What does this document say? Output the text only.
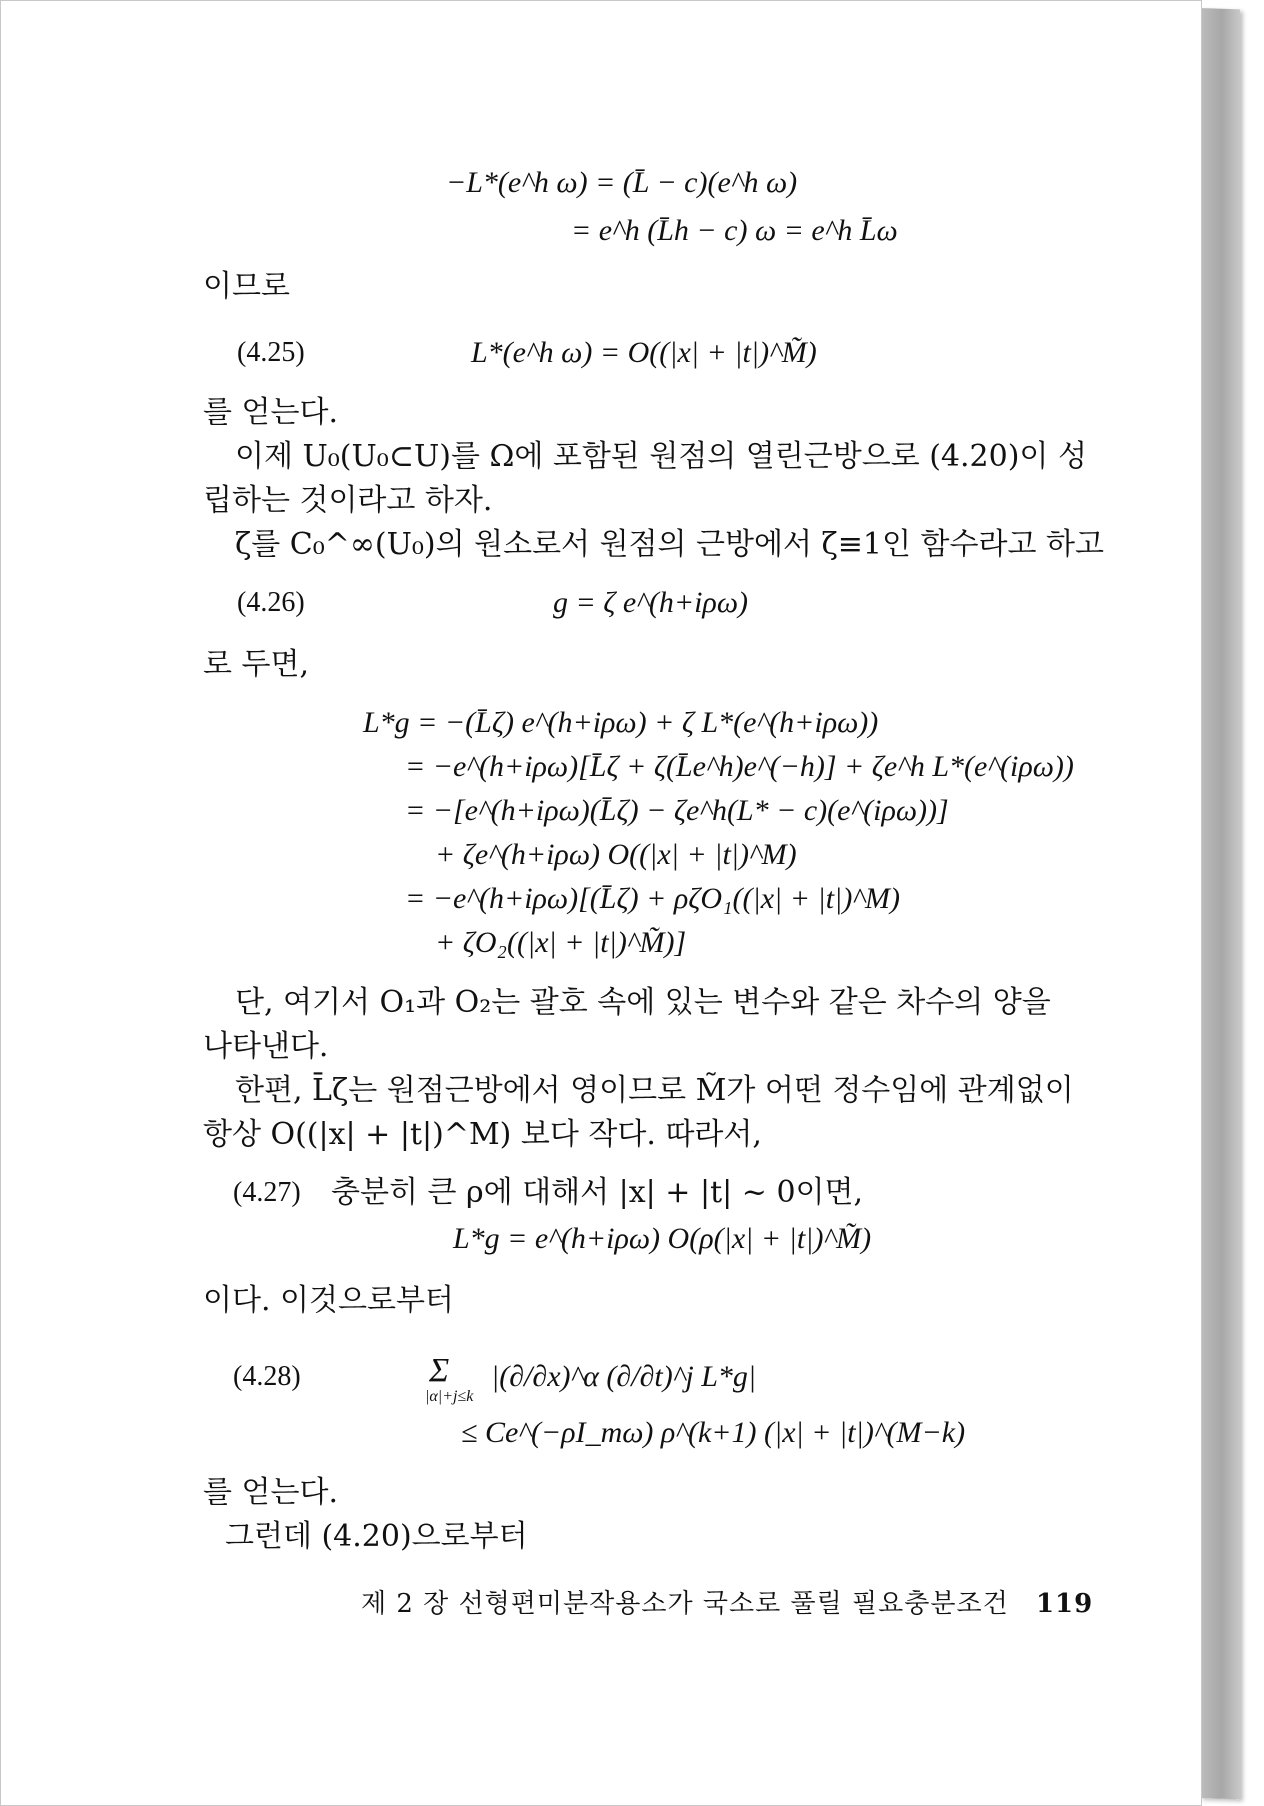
−L*(e^h ω) = (L̄ − c)(e^h ω)
= e^h (L̄h − c) ω = e^h L̄ω
이므로
(4.25)	L*(e^h ω) = O((|x| + |t|)^M̃)
를 얻는다.
이제 U₀(U₀⊂U)를 Ω에 포함된 원점의 열린근방으로 (4.20)이 성
립하는 것이라고 하자.
ζ를 C₀^∞(U₀)의 원소로서 원점의 근방에서 ζ≡1인 함수라고 하고
(4.26)	g = ζ e^(h+iρω)
로 두면,
L*g = −(L̄ζ) e^(h+iρω) + ζ L*(e^(h+iρω))
= −e^(h+iρω)[L̄ζ + ζ(L̄e^h)e^(−h)] + ζe^h L*(e^(iρω))
= −[e^(h+iρω)(L̄ζ) − ζe^h(L* − c)(e^(iρω))]
+ ζe^(h+iρω) O((|x| + |t|)^M)
= −e^(h+iρω)[(L̄ζ) + ρζO₁((|x| + |t|)^M)
+ ζO₂((|x| + |t|)^M̃)]
단, 여기서 O₁과 O₂는 괄호 속에 있는 변수와 같은 차수의 양을
나타낸다.
한편, L̄ζ는 원점근방에서 영이므로 M̃가 어떤 정수임에 관계없이
항상 O((|x| + |t|)^M) 보다 작다. 따라서,
(4.27) 충분히 큰 ρ에 대해서 |x| + |t| ~ 0이면,
L*g = e^(h+iρω) O(ρ(|x| + |t|)^M̃)
이다. 이것으로부터
(4.28)	Σ
|α|+j≤k
|(∂/∂x)^α (∂/∂t)^j L*g|
≤ Ce^(−ρI_mω) ρ^(k+1) (|x| + |t|)^(M−k)
를 얻는다.
그런데 (4.20)으로부터
제 2 장 선형편미분작용소가 국소로 풀릴 필요충분조건 119
